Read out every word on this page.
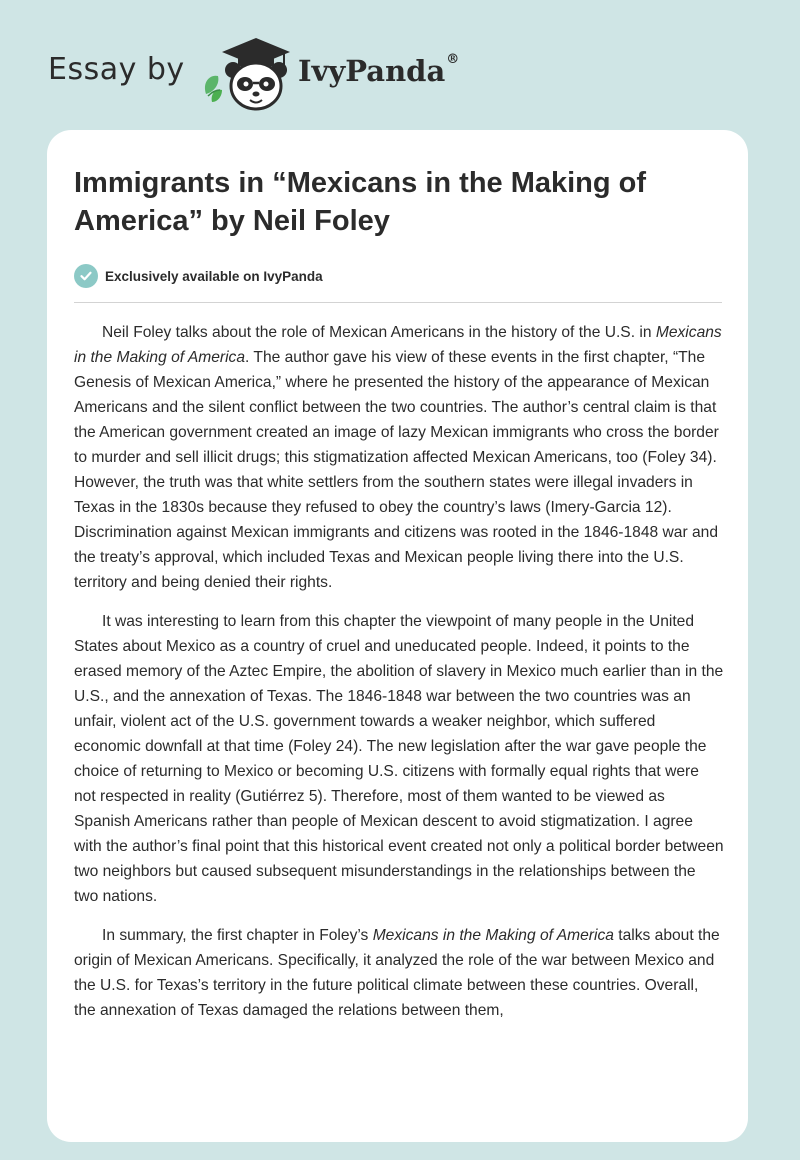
Essay by	IvyPanda®
Immigrants in “Mexicans in the Making of America” by Neil Foley
Exclusively available on IvyPanda

Neil Foley talks about the role of Mexican Americans in the history of the U.S. in Mexicans in the Making of America. The author gave his view of these events in the first chapter, “The Genesis of Mexican America,” where he presented the history of the appearance of Mexican Americans and the silent conflict between the two countries. The author’s central claim is that the American government created an image of lazy Mexican immigrants who cross the border to murder and sell illicit drugs; this stigmatization affected Mexican Americans, too (Foley 34). However, the truth was that white settlers from the southern states were illegal invaders in Texas in the 1830s because they refused to obey the country’s laws (Imery-Garcia 12). Discrimination against Mexican immigrants and citizens was rooted in the 1846-1848 war and the treaty’s approval, which included Texas and Mexican people living there into the U.S. territory and being denied their rights.

It was interesting to learn from this chapter the viewpoint of many people in the United States about Mexico as a country of cruel and uneducated people. Indeed, it points to the erased memory of the Aztec Empire, the abolition of slavery in Mexico much earlier than in the U.S., and the annexation of Texas. The 1846-1848 war between the two countries was an unfair, violent act of the U.S. government towards a weaker neighbor, which suffered economic downfall at that time (Foley 24). The new legislation after the war gave people the choice of returning to Mexico or becoming U.S. citizens with formally equal rights that were not respected in reality (Gutiérrez 5). Therefore, most of them wanted to be viewed as Spanish Americans rather than people of Mexican descent to avoid stigmatization. I agree with the author’s final point that this historical event created not only a political border between two neighbors but caused subsequent misunderstandings in the relationships between the two nations.

In summary, the first chapter in Foley’s Mexicans in the Making of America talks about the origin of Mexican Americans. Specifically, it analyzed the role of the war between Mexico and the U.S. for Texas’s territory in the future political climate between these countries. Overall, the annexation of Texas damaged the relations between them,
